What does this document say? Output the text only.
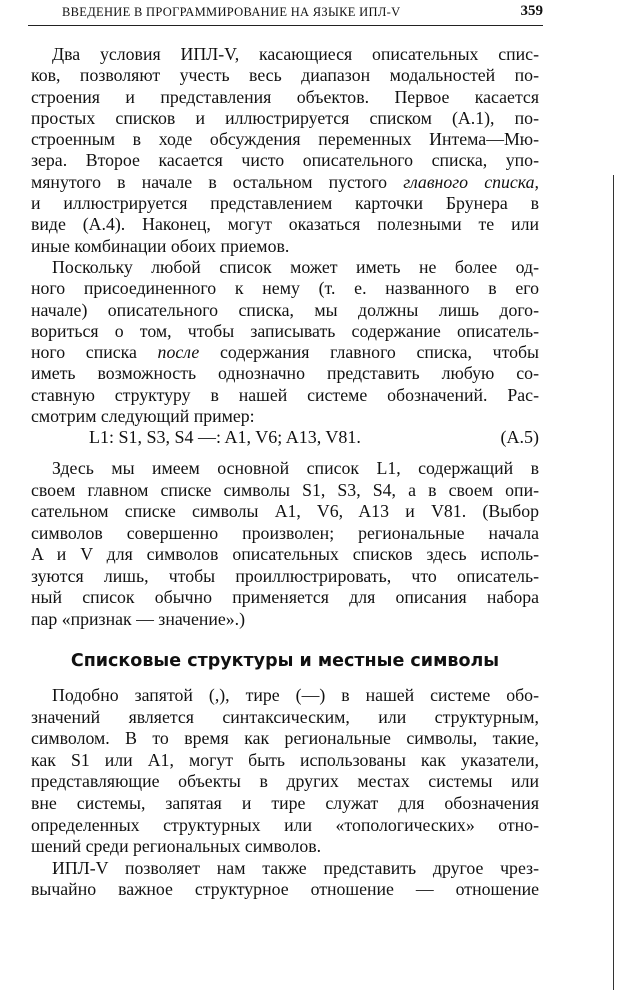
ВВЕДЕНИЕ В ПРОГРАММИРОВАНИЕ НА ЯЗЫКЕ ИПЛ-V	359
Два условия ИПЛ-V, касающиеся описательных спис-
ков, позволяют учесть весь диапазон модальностей по-
строения и представления объектов. Первое касается
простых списков и иллюстрируется списком (А.1), по-
строенным в ходе обсуждения переменных Интема—Мю-
зера. Второе касается чисто описательного списка, упо-
мянутого в начале в остальном пустого главного списка,
и иллюстрируется представлением карточки Брунера в
виде (А.4). Наконец, могут оказаться полезными те или
иные комбинации обоих приемов.
Поскольку любой список может иметь не более од-
ного присоединенного к нему (т. е. названного в его
начале) описательного списка, мы должны лишь дого-
вориться о том, чтобы записывать содержание описатель-
ного списка после содержания главного списка, чтобы
иметь возможность однозначно представить любую со-
ставную структуру в нашей системе обозначений. Рас-
смотрим следующий пример:
L1: S1, S3, S4 —: A1, V6; A13, V81.	(А.5)
Здесь мы имеем основной список L1, содержащий в
своем главном списке символы S1, S3, S4, а в своем опи-
сательном списке символы A1, V6, A13 и V81. (Выбор
символов совершенно произволен; региональные начала
A и V для символов описательных списков здесь исполь-
зуются лишь, чтобы проиллюстрировать, что описатель-
ный список обычно применяется для описания набора
пар «признак — значение».)
Списковые структуры и местные символы
Подобно запятой (,), тире (—) в нашей системе обо-
значений является синтаксическим, или структурным,
символом. В то время как региональные символы, такие,
как S1 или A1, могут быть использованы как указатели,
представляющие объекты в других местах системы или
вне системы, запятая и тире служат для обозначения
определенных структурных или «топологических» отно-
шений среди региональных символов.
ИПЛ-V позволяет нам также представить другое чрез-
вычайно важное структурное отношение — отношение
